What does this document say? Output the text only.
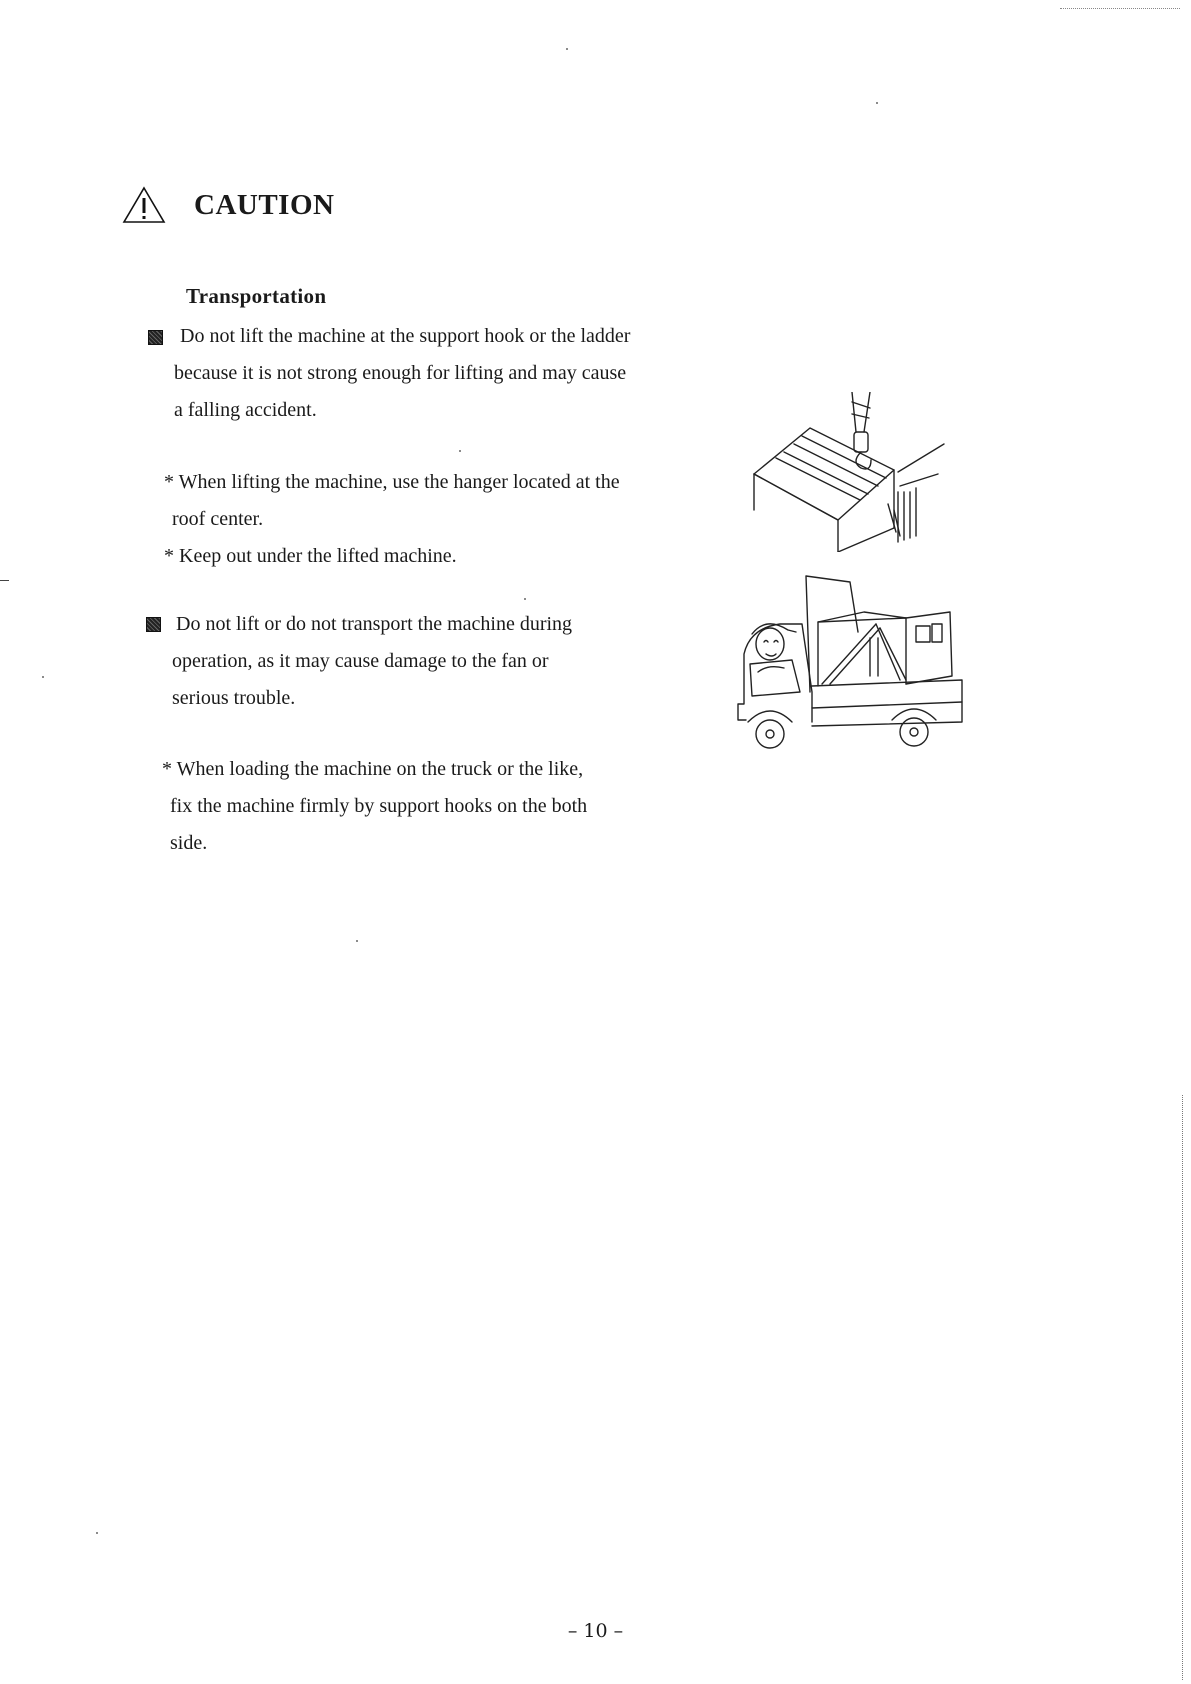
CAUTION
Transportation
Do not lift the machine at the support hook or the ladder
because it is not strong enough for lifting and may cause
a falling accident.
* When lifting the machine, use the hanger located at the
roof center.
* Keep out under the lifted machine.
Do not lift or do not transport the machine during
operation, as it may cause damage to the fan or
serious trouble.
* When loading the machine on the truck or the like,
fix the machine firmly by support hooks on the both
side.
– 10 –
